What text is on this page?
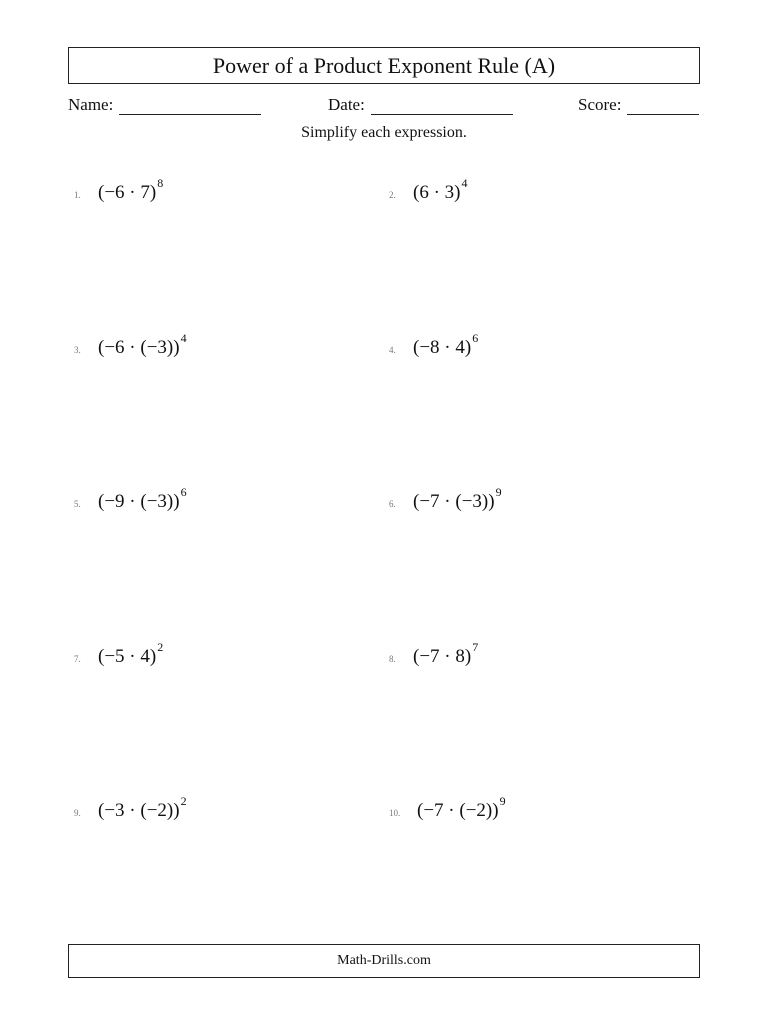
Power of a Product Exponent Rule (A)
Name:	Date:	Score:
Simplify each expression.
1. $(-6 \cdot 7)^8$
2. $(6 \cdot 3)^4$
3. $(-6 \cdot (-3))^4$
4. $(-8 \cdot 4)^6$
5. $(-9 \cdot (-3))^6$
6. $(-7 \cdot (-3))^9$
7. $(-5 \cdot 4)^2$
8. $(-7 \cdot 8)^7$
9. $(-3 \cdot (-2))^2$
10. $(-7 \cdot (-2))^9$
Math-Drills.com
